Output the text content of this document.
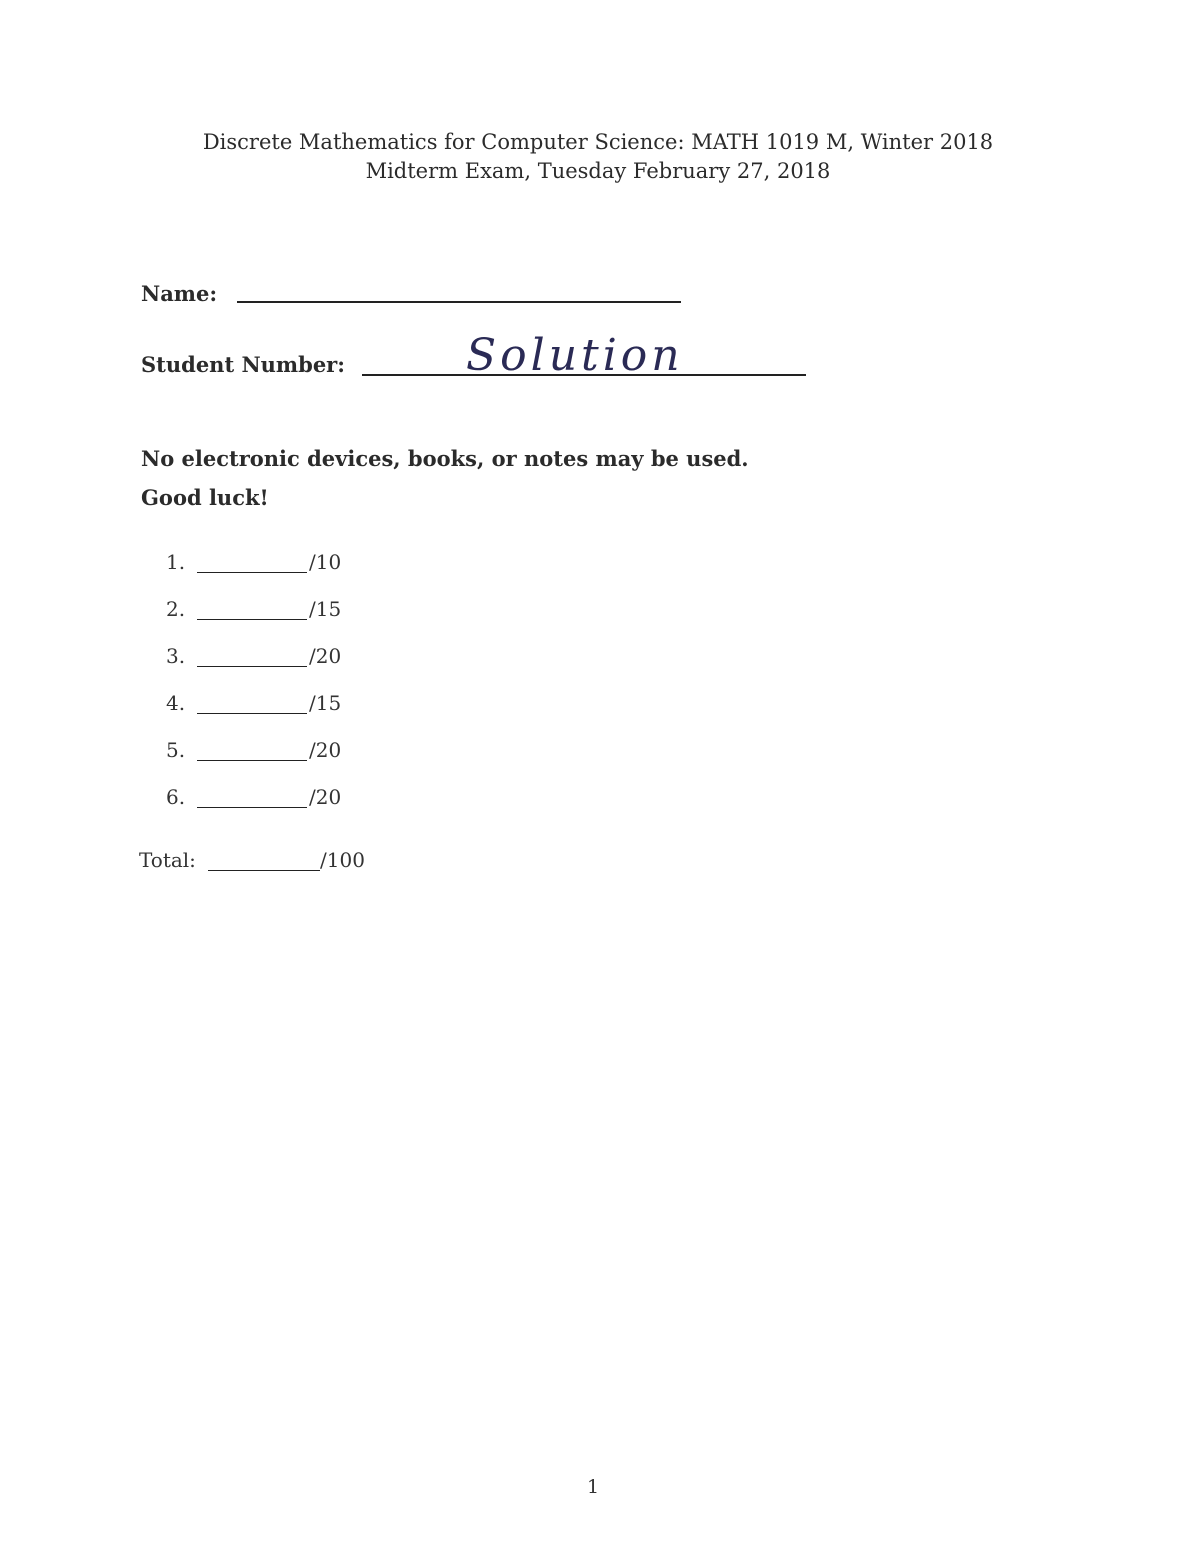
Discrete Mathematics for Computer Science: MATH 1019 M, Winter 2018
Midterm Exam, Tuesday February 27, 2018
Name:
Student Number:	Solution
No electronic devices, books, or notes may be used.
Good luck!
1.	/10
2.	/15
3.	/20
4.	/15
5.	/20
6.	/20
Total:	/100
1
